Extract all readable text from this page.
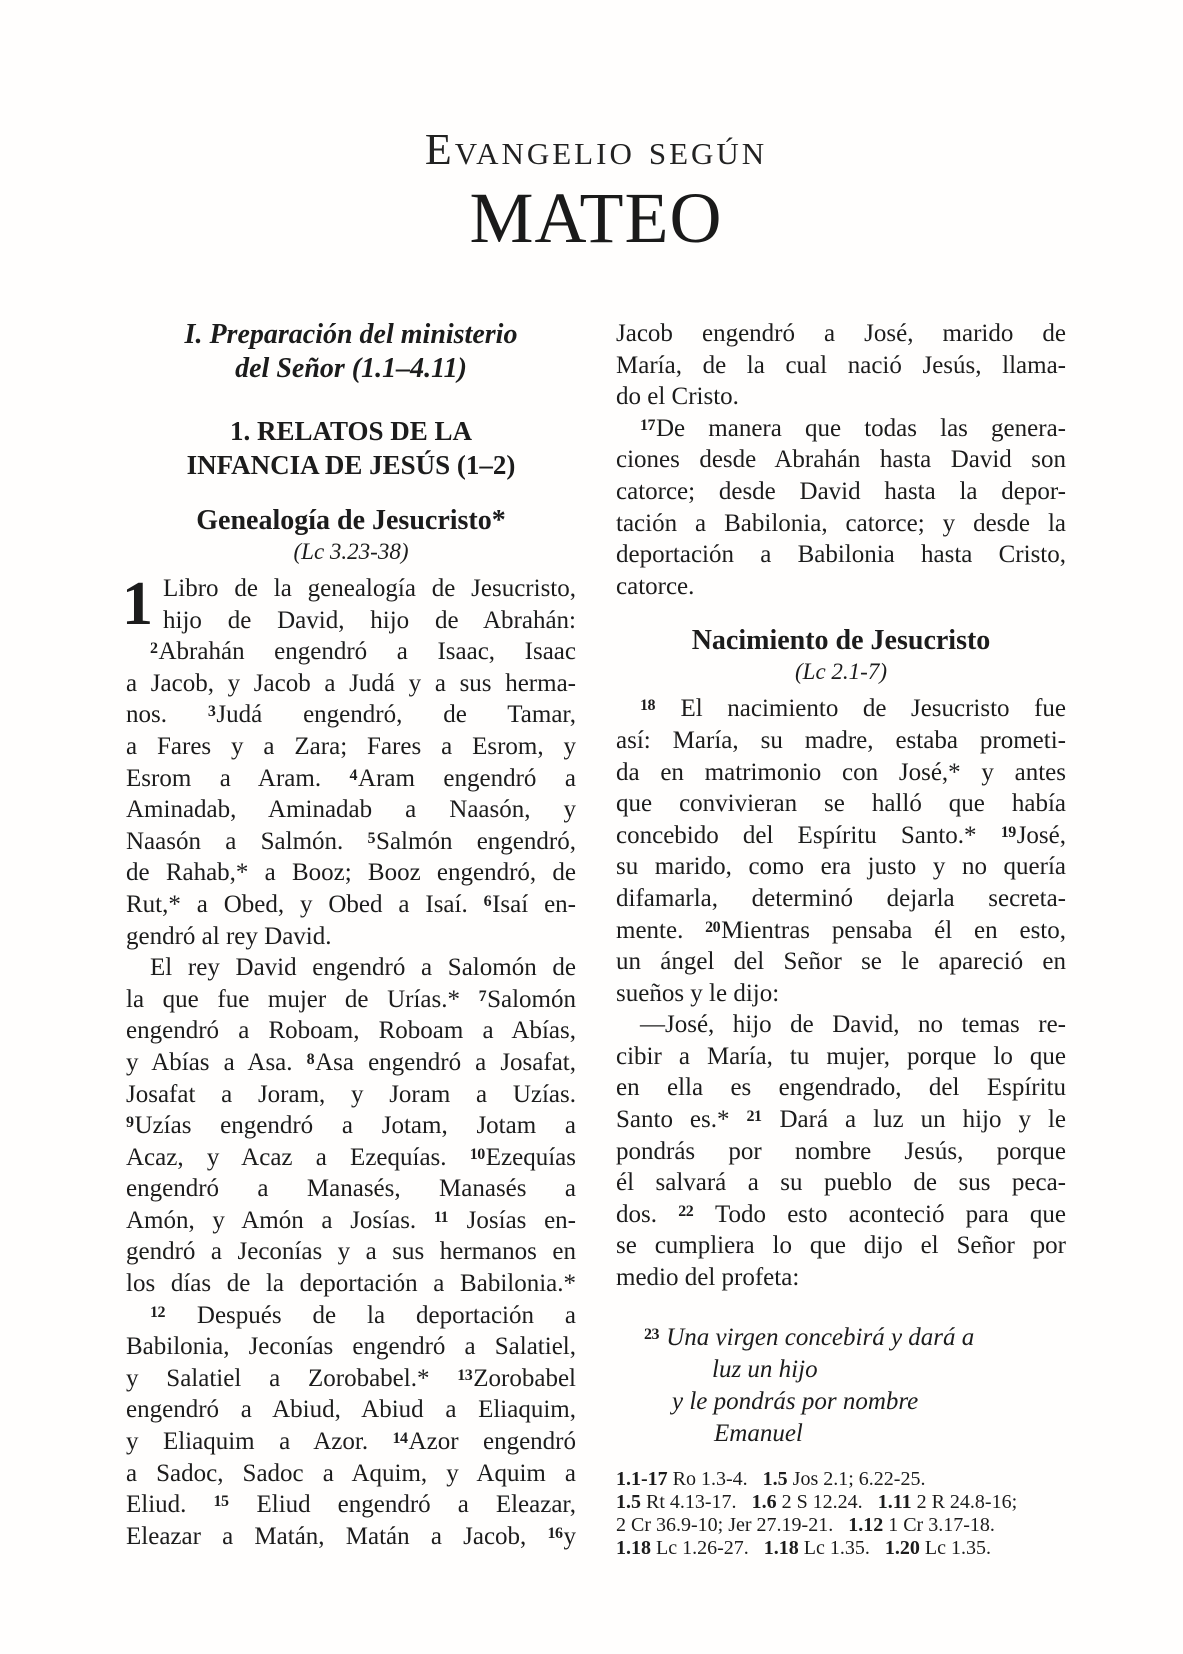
Evangelio según
MATEO
I. Preparación del ministerio
del Señor (1.1–4.11)
1. RELATOS DE LA
INFANCIA DE JESÚS (1–2)
Genealogía de Jesucristo*
(Lc 3.23-38)
1 Libro de la genealogía de Jesucristo,
hijo de David, hijo de Abrahán:
$^2$Abrahán engendró a Isaac, Isaac
a Jacob, y Jacob a Judá y a sus herma-
nos. $^3$Judá engendró, de Tamar,
a Fares y a Zara; Fares a Esrom, y
Esrom a Aram. $^4$Aram engendró a
Aminadab, Aminadab a Naasón, y
Naasón a Salmón. $^5$Salmón engendró,
de Rahab,* a Booz; Booz engendró, de
Rut,* a Obed, y Obed a Isaí. $^6$Isaí en-
gendró al rey David.
El rey David engendró a Salomón de
la que fue mujer de Urías.* $^7$Salomón
engendró a Roboam, Roboam a Abías,
y Abías a Asa. $^8$Asa engendró a Josafat,
Josafat a Joram, y Joram a Uzías.
$^9$Uzías engendró a Jotam, Jotam a
Acaz, y Acaz a Ezequías. $^{10}$Ezequías
engendró a Manasés, Manasés a
Amón, y Amón a Josías. $^{11}$ Josías en-
gendró a Jeconías y a sus hermanos en
los días de la deportación a Babilonia.*
$^{12}$ Después de la deportación a
Babilonia, Jeconías engendró a Salatiel,
y Salatiel a Zorobabel.* $^{13}$Zorobabel
engendró a Abiud, Abiud a Eliaquim,
y Eliaquim a Azor. $^{14}$Azor engendró
a Sadoc, Sadoc a Aquim, y Aquim a
Eliud. $^{15}$ Eliud engendró a Eleazar,
Eleazar a Matán, Matán a Jacob, $^{16}$y
Jacob engendró a José, marido de
María, de la cual nació Jesús, llama-
do el Cristo.
$^{17}$De manera que todas las genera-
ciones desde Abrahán hasta David son
catorce; desde David hasta la depor-
tación a Babilonia, catorce; y desde la
deportación a Babilonia hasta Cristo,
catorce.
Nacimiento de Jesucristo
(Lc 2.1-7)
$^{18}$ El nacimiento de Jesucristo fue
así: María, su madre, estaba prometi-
da en matrimonio con José,* y antes
que convivieran se halló que había
concebido del Espíritu Santo.* $^{19}$José,
su marido, como era justo y no quería
difamarla, determinó dejarla secreta-
mente. $^{20}$Mientras pensaba él en esto,
un ángel del Señor se le apareció en
sueños y le dijo:
—José, hijo de David, no temas re-
cibir a María, tu mujer, porque lo que
en ella es engendrado, del Espíritu
Santo es.* $^{21}$ Dará a luz un hijo y le
pondrás por nombre Jesús, porque
él salvará a su pueblo de sus peca-
dos. $^{22}$ Todo esto aconteció para que
se cumpliera lo que dijo el Señor por
medio del profeta:
$^{23}$ Una virgen concebirá y dará a
luz un hijo
y le pondrás por nombre
Emanuel
1.1-17 Ro 1.3-4.   1.5 Jos 2.1; 6.22-25.
1.5 Rt 4.13-17.   1.6 2 S 12.24.   1.11 2 R 24.8-16;
2 Cr 36.9-10; Jer 27.19-21.   1.12 1 Cr 3.17-18.
1.18 Lc 1.26-27.   1.18 Lc 1.35.   1.20 Lc 1.35.
